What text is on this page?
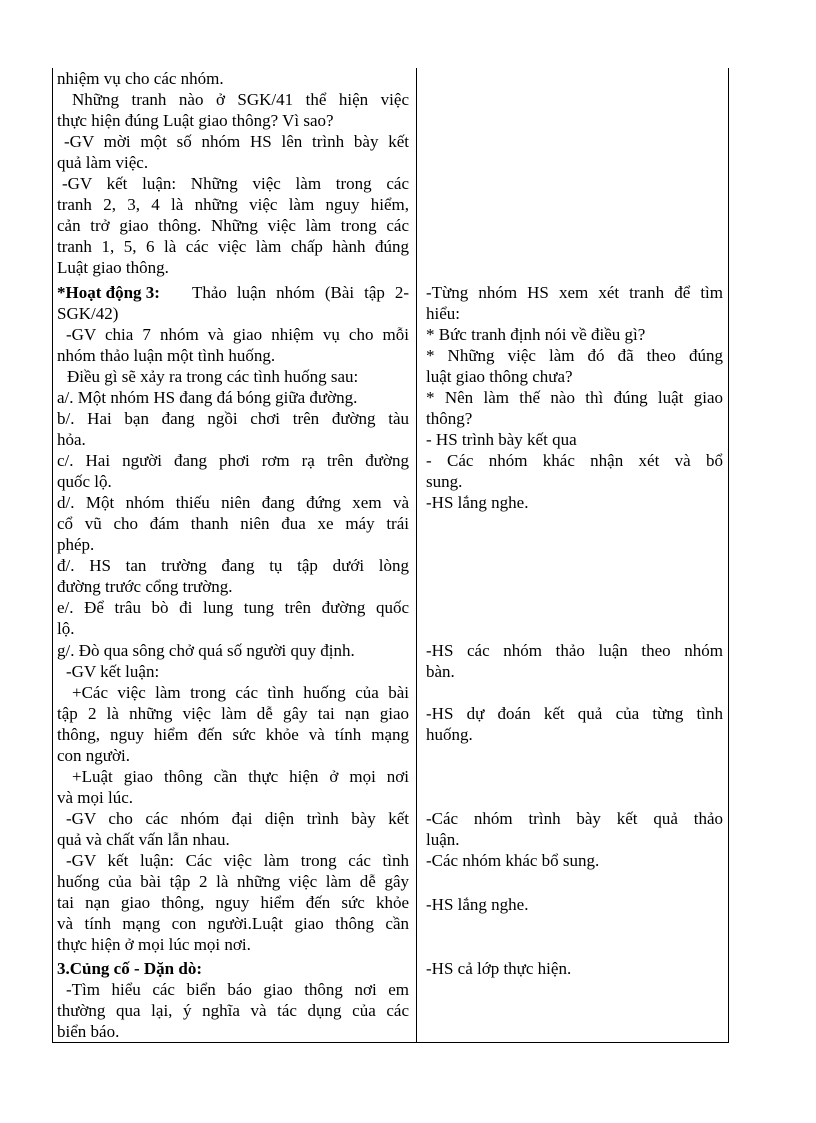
nhiệm vụ cho các nhóm.
Những tranh nào ở SGK/41 thể hiện việc
thực hiện đúng Luật giao thông? Vì sao?
-GV mời một số nhóm HS lên trình bày kết
quả làm việc.
-GV kết luận: Những việc làm trong các
tranh 2, 3, 4 là những việc làm nguy hiểm,
cản trở giao thông. Những việc làm trong các
tranh 1, 5, 6 là các việc làm chấp hành đúng
Luật giao thông.
*Hoạt động 3: Thảo luận nhóm (Bài tập 2-
SGK/42)
-GV chia 7 nhóm và giao nhiệm vụ cho mỗi
nhóm thảo luận một tình huống.
Điều gì sẽ xảy ra trong các tình huống sau:
a/. Một nhóm HS đang đá bóng giữa đường.
b/. Hai bạn đang ngồi chơi trên đường tàu
hỏa.
c/. Hai người đang phơi rơm rạ trên đường
quốc lộ.
d/. Một nhóm thiếu niên đang đứng xem và
cổ vũ cho đám thanh niên đua xe máy trái
phép.
đ/. HS tan trường đang tụ tập dưới lòng
đường trước cổng trường.
e/. Để trâu bò đi lung tung trên đường quốc
lộ.
g/. Đò qua sông chở quá số người quy định.
-GV kết luận:
+Các việc làm trong các tình huống của bài
tập 2 là những việc làm dễ gây tai nạn giao
thông, nguy hiểm đến sức khỏe và tính mạng
con người.
+Luật giao thông cần thực hiện ở mọi nơi
và mọi lúc.
-GV cho các nhóm đại diện trình bày kết
quả và chất vấn lẫn nhau.
-GV kết luận: Các việc làm trong các tình
huống của bài tập 2 là những việc làm dễ gây
tai nạn giao thông, nguy hiểm đến sức khỏe
và tính mạng con người.Luật giao thông cần
thực hiện ở mọi lúc mọi nơi.
3.Củng cố - Dặn dò:
-Tìm hiểu các biển báo giao thông nơi em
thường qua lại, ý nghĩa và tác dụng của các
biển báo.
-Từng nhóm HS xem xét tranh để tìm
hiểu:
* Bức tranh định nói về điều gì?
* Những việc làm đó đã theo đúng
luật giao thông chưa?
* Nên làm thế nào thì đúng luật giao
thông?
- HS trình bày kết qua
- Các nhóm khác nhận xét và bổ
sung.
-HS lắng nghe.
-HS các nhóm thảo luận theo nhóm
bàn.
-HS dự đoán kết quả của từng tình
huống.
-Các nhóm trình bày kết quả thảo
luận.
-Các nhóm khác bổ sung.
-HS lắng nghe.
-HS cả lớp thực hiện.
